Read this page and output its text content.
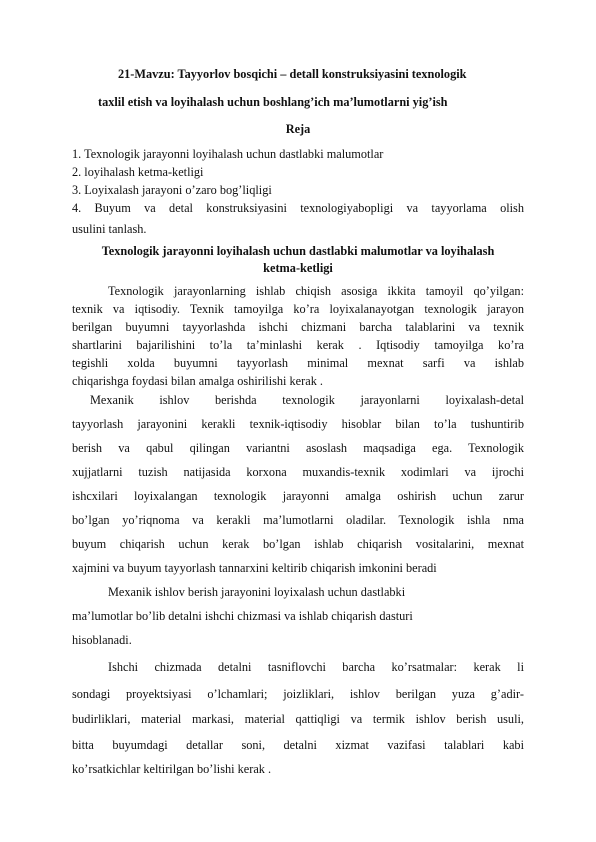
21-Mavzu: Tayyorlov bosqichi – detall konstruksiyasini texnologik
taxlil etish va loyihalash uchun boshlang’ich ma’lumotlarni yig’ish
Reja
1. Texnologik jarayonni loyihalash uchun dastlabki malumotlar
2. loyihalash ketma-ketligi
3. Loyixalash jarayoni o’zaro bog’liqligi
4. Buyum va detal konstruksiyasini texnologiyabopligi va tayyorlama olish
usulini tanlash.
Texnologik jarayonni loyihalash uchun dastlabki malumotlar va loyihalash
ketma-ketligi
Texnologik jarayonlarning ishlab chiqish asosiga ikkita tamoyil qo’yilgan:
texnik va iqtisodiy. Texnik tamoyilga ko’ra loyixalanayotgan texnologik jarayon
berilgan buyumni tayyorlashda ishchi chizmani barcha talablarini va texnik
shartlarini bajarilishini to’la ta’minlashi kerak . Iqtisodiy tamoyilga ko’ra
tegishli xolda buyumni tayyorlash minimal mexnat sarfi va ishlab
chiqarishga foydasi bilan amalga oshirilishi kerak .
Mexanik ishlov berishda texnologik jarayonlarni loyixalash-detal
tayyorlash jarayonini kerakli texnik-iqtisodiy hisoblar bilan to’la tushuntirib
berish va qabul qilingan variantni asoslash maqsadiga ega. Texnologik
xujjatlarni tuzish natijasida korxona muxandis-texnik xodimlari va ijrochi
ishcxilari loyixalangan texnologik jarayonni amalga oshirish uchun zarur
bo’lgan yo’riqnoma va kerakli ma’lumotlarni oladilar. Texnologik ishla nma
buyum chiqarish uchun kerak bo’lgan ishlab chiqarish vositalarini, mexnat
xajmini va buyum tayyorlash tannarxini keltirib chiqarish imkonini beradi
Mexanik ishlov berish jarayonini loyixalash uchun dastlabki
ma’lumotlar bo’lib detalni ishchi chizmasi va ishlab chiqarish dasturi
hisoblanadi.
Ishchi chizmada detalni tasniflovchi barcha ko’rsatmalar: kerak li
sondagi proyektsiyasi o’lchamlari; joizliklari, ishlov berilgan yuza g’adir-
budirliklari, material markasi, material qattiqligi va termik ishlov berish usuli,
bitta buyumdagi detallar soni, detalni xizmat vazifasi talablari kabi
ko’rsatkichlar keltirilgan bo’lishi kerak .
